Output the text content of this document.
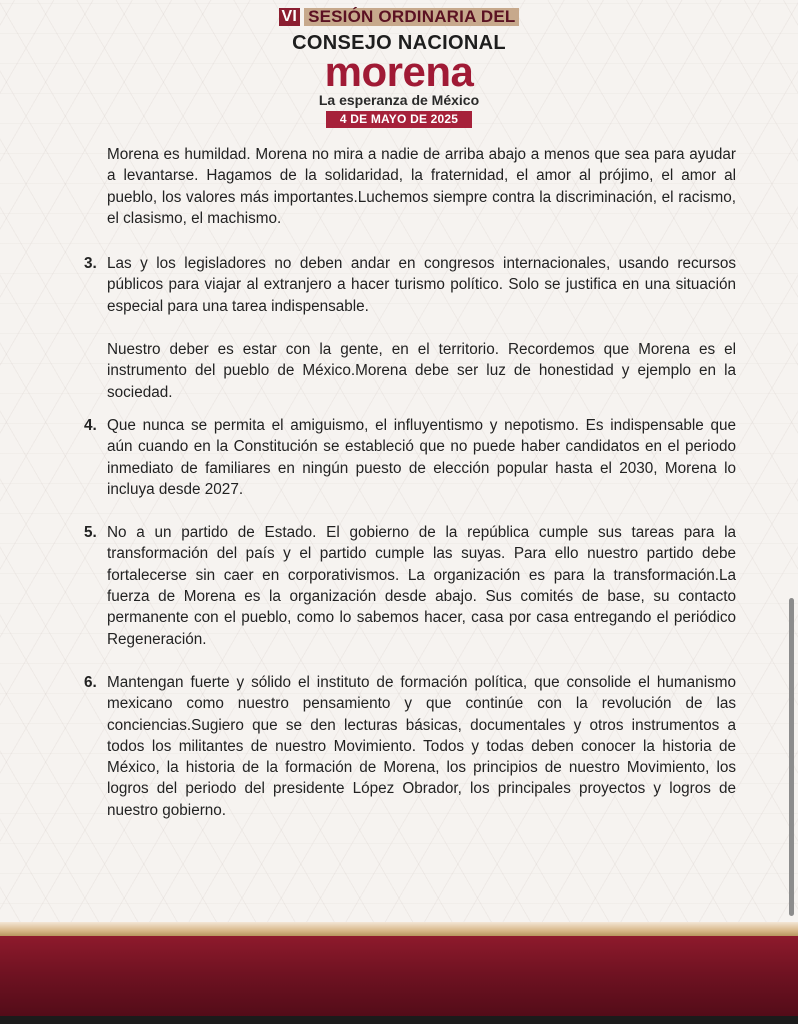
VI SESIÓN ORDINARIA DEL
CONSEJO NACIONAL
morena
La esperanza de México
4 DE MAYO DE 2025

Morena es humildad. Morena no mira a nadie de arriba abajo a menos que sea para ayudar a levantarse. Hagamos de la solidaridad, la fraternidad, el amor al prójimo, el amor al pueblo, los valores más importantes.Luchemos siempre contra la discriminación, el racismo, el clasismo, el machismo.

3. Las y los legisladores no deben andar en congresos internacionales, usando recursos públicos para viajar al extranjero a hacer turismo político. Solo se justifica en una situación especial para una tarea indispensable.

Nuestro deber es estar con la gente, en el territorio. Recordemos que Morena es el instrumento del pueblo de México.Morena debe ser luz de honestidad y ejemplo en la sociedad.

4. Que nunca se permita el amiguismo, el influyentismo y nepotismo. Es indispensable que aún cuando en la Constitución se estableció que no puede haber candidatos en el periodo inmediato de familiares en ningún puesto de elección popular hasta el 2030, Morena lo incluya desde 2027.

5. No a un partido de Estado. El gobierno de la república cumple sus tareas para la transformación del país y el partido cumple las suyas. Para ello nuestro partido debe fortalecerse sin caer en corporativismos. La organización es para la transformación.La fuerza de Morena es la organización desde abajo. Sus comités de base, su contacto permanente con el pueblo, como lo sabemos hacer, casa por casa entregando el periódico Regeneración.

6. Mantengan fuerte y sólido el instituto de formación política, que consolide el humanismo mexicano como nuestro pensamiento y que continúe con la revolución de las conciencias.Sugiero que se den lecturas básicas, documentales y otros instrumentos a todos los militantes de nuestro Movimiento. Todos y todas deben conocer la historia de México, la historia de la formación de Morena, los principios de nuestro Movimiento, los logros del periodo del presidente López Obrador, los principales proyectos y logros de nuestro gobierno.
